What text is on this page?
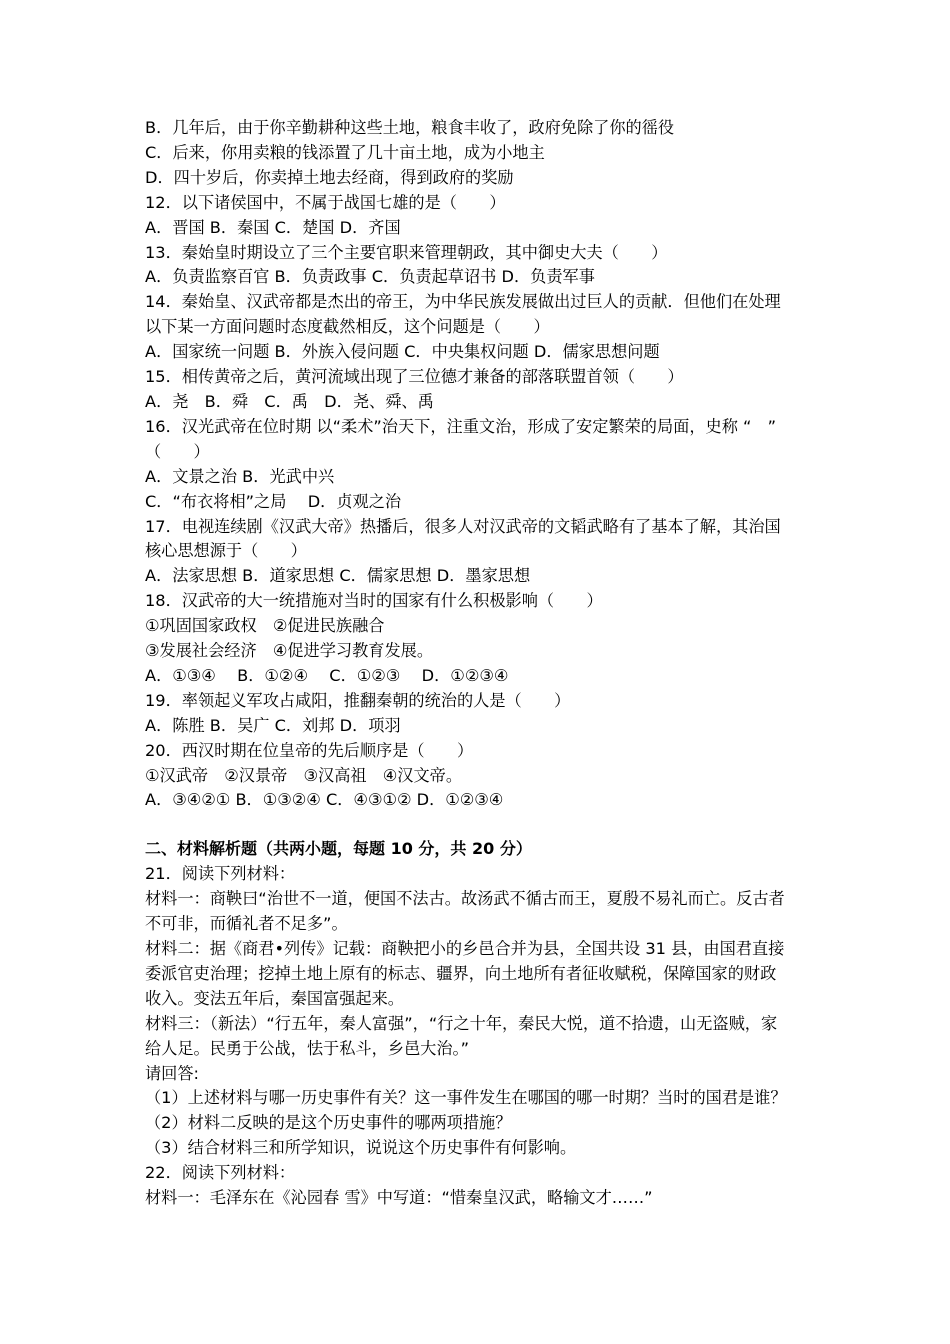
B．几年后，由于你辛勤耕种这些土地，粮食丰收了，政府免除了你的徭役
C．后来，你用卖粮的钱添置了几十亩土地，成为小地主
D．四十岁后，你卖掉土地去经商，得到政府的奖励
12．以下诸侯国中，不属于战国七雄的是（　　）
A．晋国 B．秦国 C．楚国 D．齐国
13．秦始皇时期设立了三个主要官职来管理朝政，其中御史大夫（　　）
A．负责监察百官 B．负责政事 C．负责起草诏书 D．负责军事
14．秦始皇、汉武帝都是杰出的帝王，为中华民族发展做出过巨人的贡献．但他们在处理
以下某一方面问题时态度截然相反，这个问题是（　　）
A．国家统一问题 B．外族入侵问题 C．中央集权问题 D．儒家思想问题
15．相传黄帝之后，黄河流域出现了三位德才兼备的部落联盟首领（　　）
A．尧　B．舜　C．禹　D．尧、舜、禹
16．汉光武帝在位时期 以“柔术”治天下，注重文治，形成了安定繁荣的局面，史称 “　”
（　　）
A．文景之治 B．光武中兴
C．“布衣将相”之局　 D．贞观之治
17．电视连续剧《汉武大帝》热播后，很多人对汉武帝的文韬武略有了基本了解，其治国
核心思想源于（　　）
A．法家思想 B．道家思想 C．儒家思想 D．墨家思想
18．汉武帝的大一统措施对当时的国家有什么积极影响（　　）
①巩固国家政权　②促进民族融合
③发展社会经济　④促进学习教育发展。
A．①③④　 B．①②④　 C．①②③　 D．①②③④
19．率领起义军攻占咸阳，推翻秦朝的统治的人是（　　）
A．陈胜 B．吴广 C．刘邦 D．项羽
20．西汉时期在位皇帝的先后顺序是（　　）
①汉武帝　②汉景帝　③汉高祖　④汉文帝。
A．③④②① B．①③②④ C．④③①② D．①②③④
二、材料解析题（共两小题，每题 10 分，共 20 分）
21．阅读下列材料：
材料一：商鞅曰“治世不一道，便国不法古。故汤武不循古而王，夏殷不易礼而亡。反古者
不可非，而循礼者不足多”。
材料二：据《商君•列传》记载：商鞅把小的乡邑合并为县，全国共设 31 县，由国君直接
委派官吏治理；挖掉土地上原有的标志、疆界，向土地所有者征收赋税，保障国家的财政
收入。变法五年后，秦国富强起来。
材料三：（新法）“行五年，秦人富强”，“行之十年，秦民大悦，道不拾遗，山无盗贼，家
给人足。民勇于公战，怯于私斗，乡邑大治。”
请回答:
（1）上述材料与哪一历史事件有关？这一事件发生在哪国的哪一时期？当时的国君是谁？
（2）材料二反映的是这个历史事件的哪两项措施？
（3）结合材料三和所学知识，说说这个历史事件有何影响。
22．阅读下列材料：
材料一：毛泽东在《沁园春 雪》中写道：“惜秦皇汉武，略输文才……”
